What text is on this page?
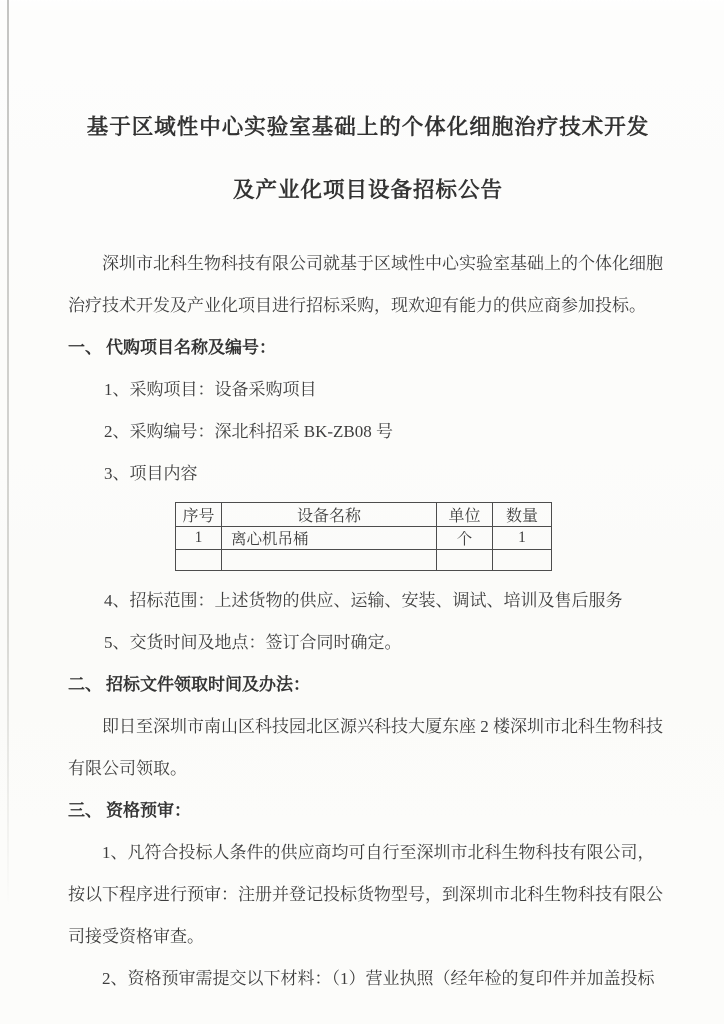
基于区域性中心实验室基础上的个体化细胞治疗技术开发

及产业化项目设备招标公告

深圳市北科生物科技有限公司就基于区域性中心实验室基础上的个体化细胞治疗技术开发及产业化项目进行招标采购，现欢迎有能力的供应商参加投标。

一、 代购项目名称及编号：

1、采购项目：设备采购项目

2、采购编号：深北科招采 BK-ZB08 号

3、项目内容

序号	设备名称	单位	数量
1	离心机吊桶	个	1

4、招标范围：上述货物的供应、运输、安装、调试、培训及售后服务

5、交货时间及地点：签订合同时确定。

二、 招标文件领取时间及办法：

即日至深圳市南山区科技园北区源兴科技大厦东座 2 楼深圳市北科生物科技有限公司领取。

三、 资格预审：

1、凡符合投标人条件的供应商均可自行至深圳市北科生物科技有限公司，按以下程序进行预审：注册并登记投标货物型号，到深圳市北科生物科技有限公司接受资格审查。

2、资格预审需提交以下材料：（1）营业执照（经年检的复印件并加盖投标
